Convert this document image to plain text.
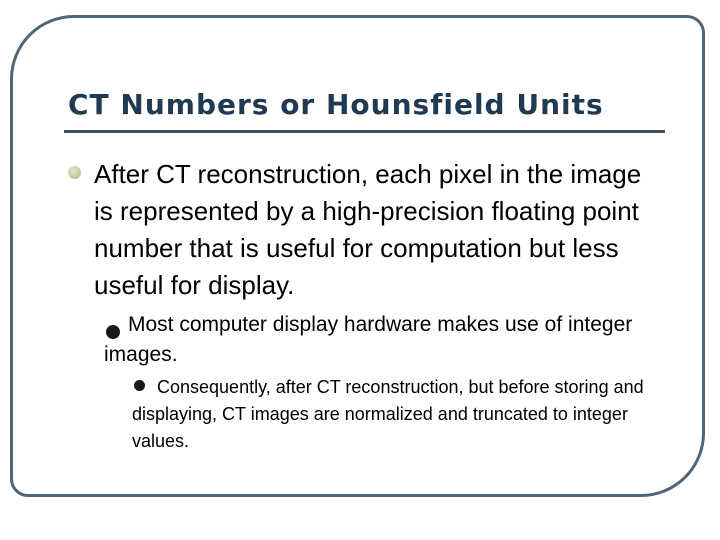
CT Numbers or Hounsfield Units

After CT reconstruction, each pixel in the image is represented by a high-precision floating point number that is useful for computation but less useful for display.

Most computer display hardware makes use of integer images.

Consequently, after CT reconstruction, but before storing and displaying, CT images are normalized and truncated to integer values.
